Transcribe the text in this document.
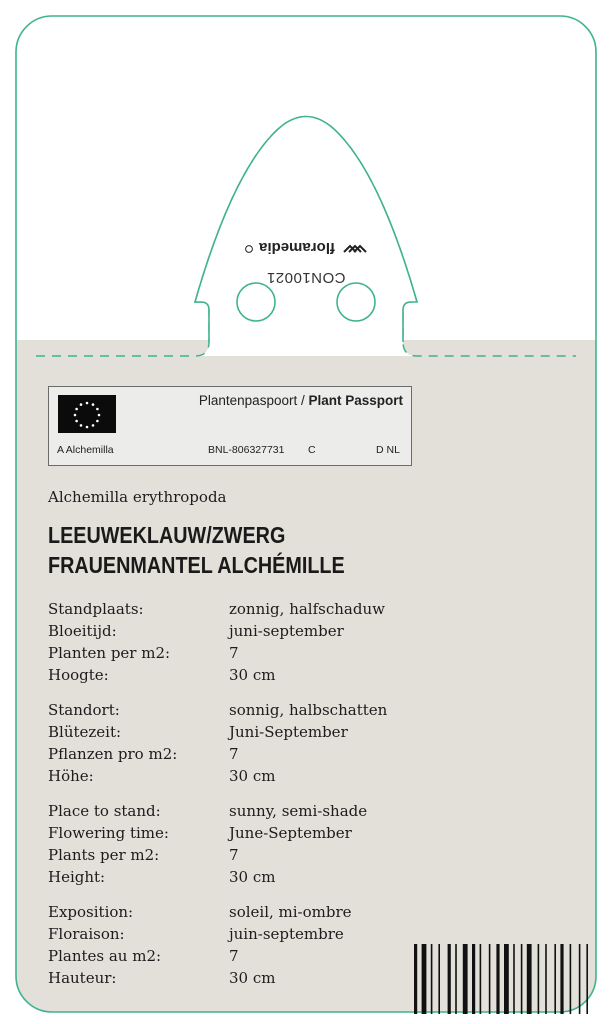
CON10021
floramedia
Plantenpaspoort / Plant Passport
A Alchemilla	BNL-806327731 C	D NL
Alchemilla erythropoda
LEEUWEKLAUW/ZWERG FRAUENMANTEL ALCHÉMILLE
Standplaats:	zonnig, halfschaduw
Bloeitijd:	juni-september
Planten per m2:	7
Hoogte:	30 cm
Standort:	sonnig, halbschatten
Blütezeit:	Juni-September
Pflanzen pro m2:	7
Höhe:	30 cm
Place to stand:	sunny, semi-shade
Flowering time:	June-September
Plants per m2:	7
Height:	30 cm
Exposition:	soleil, mi-ombre
Floraison:	juin-septembre
Plantes au m2:	7
Hauteur:	30 cm
